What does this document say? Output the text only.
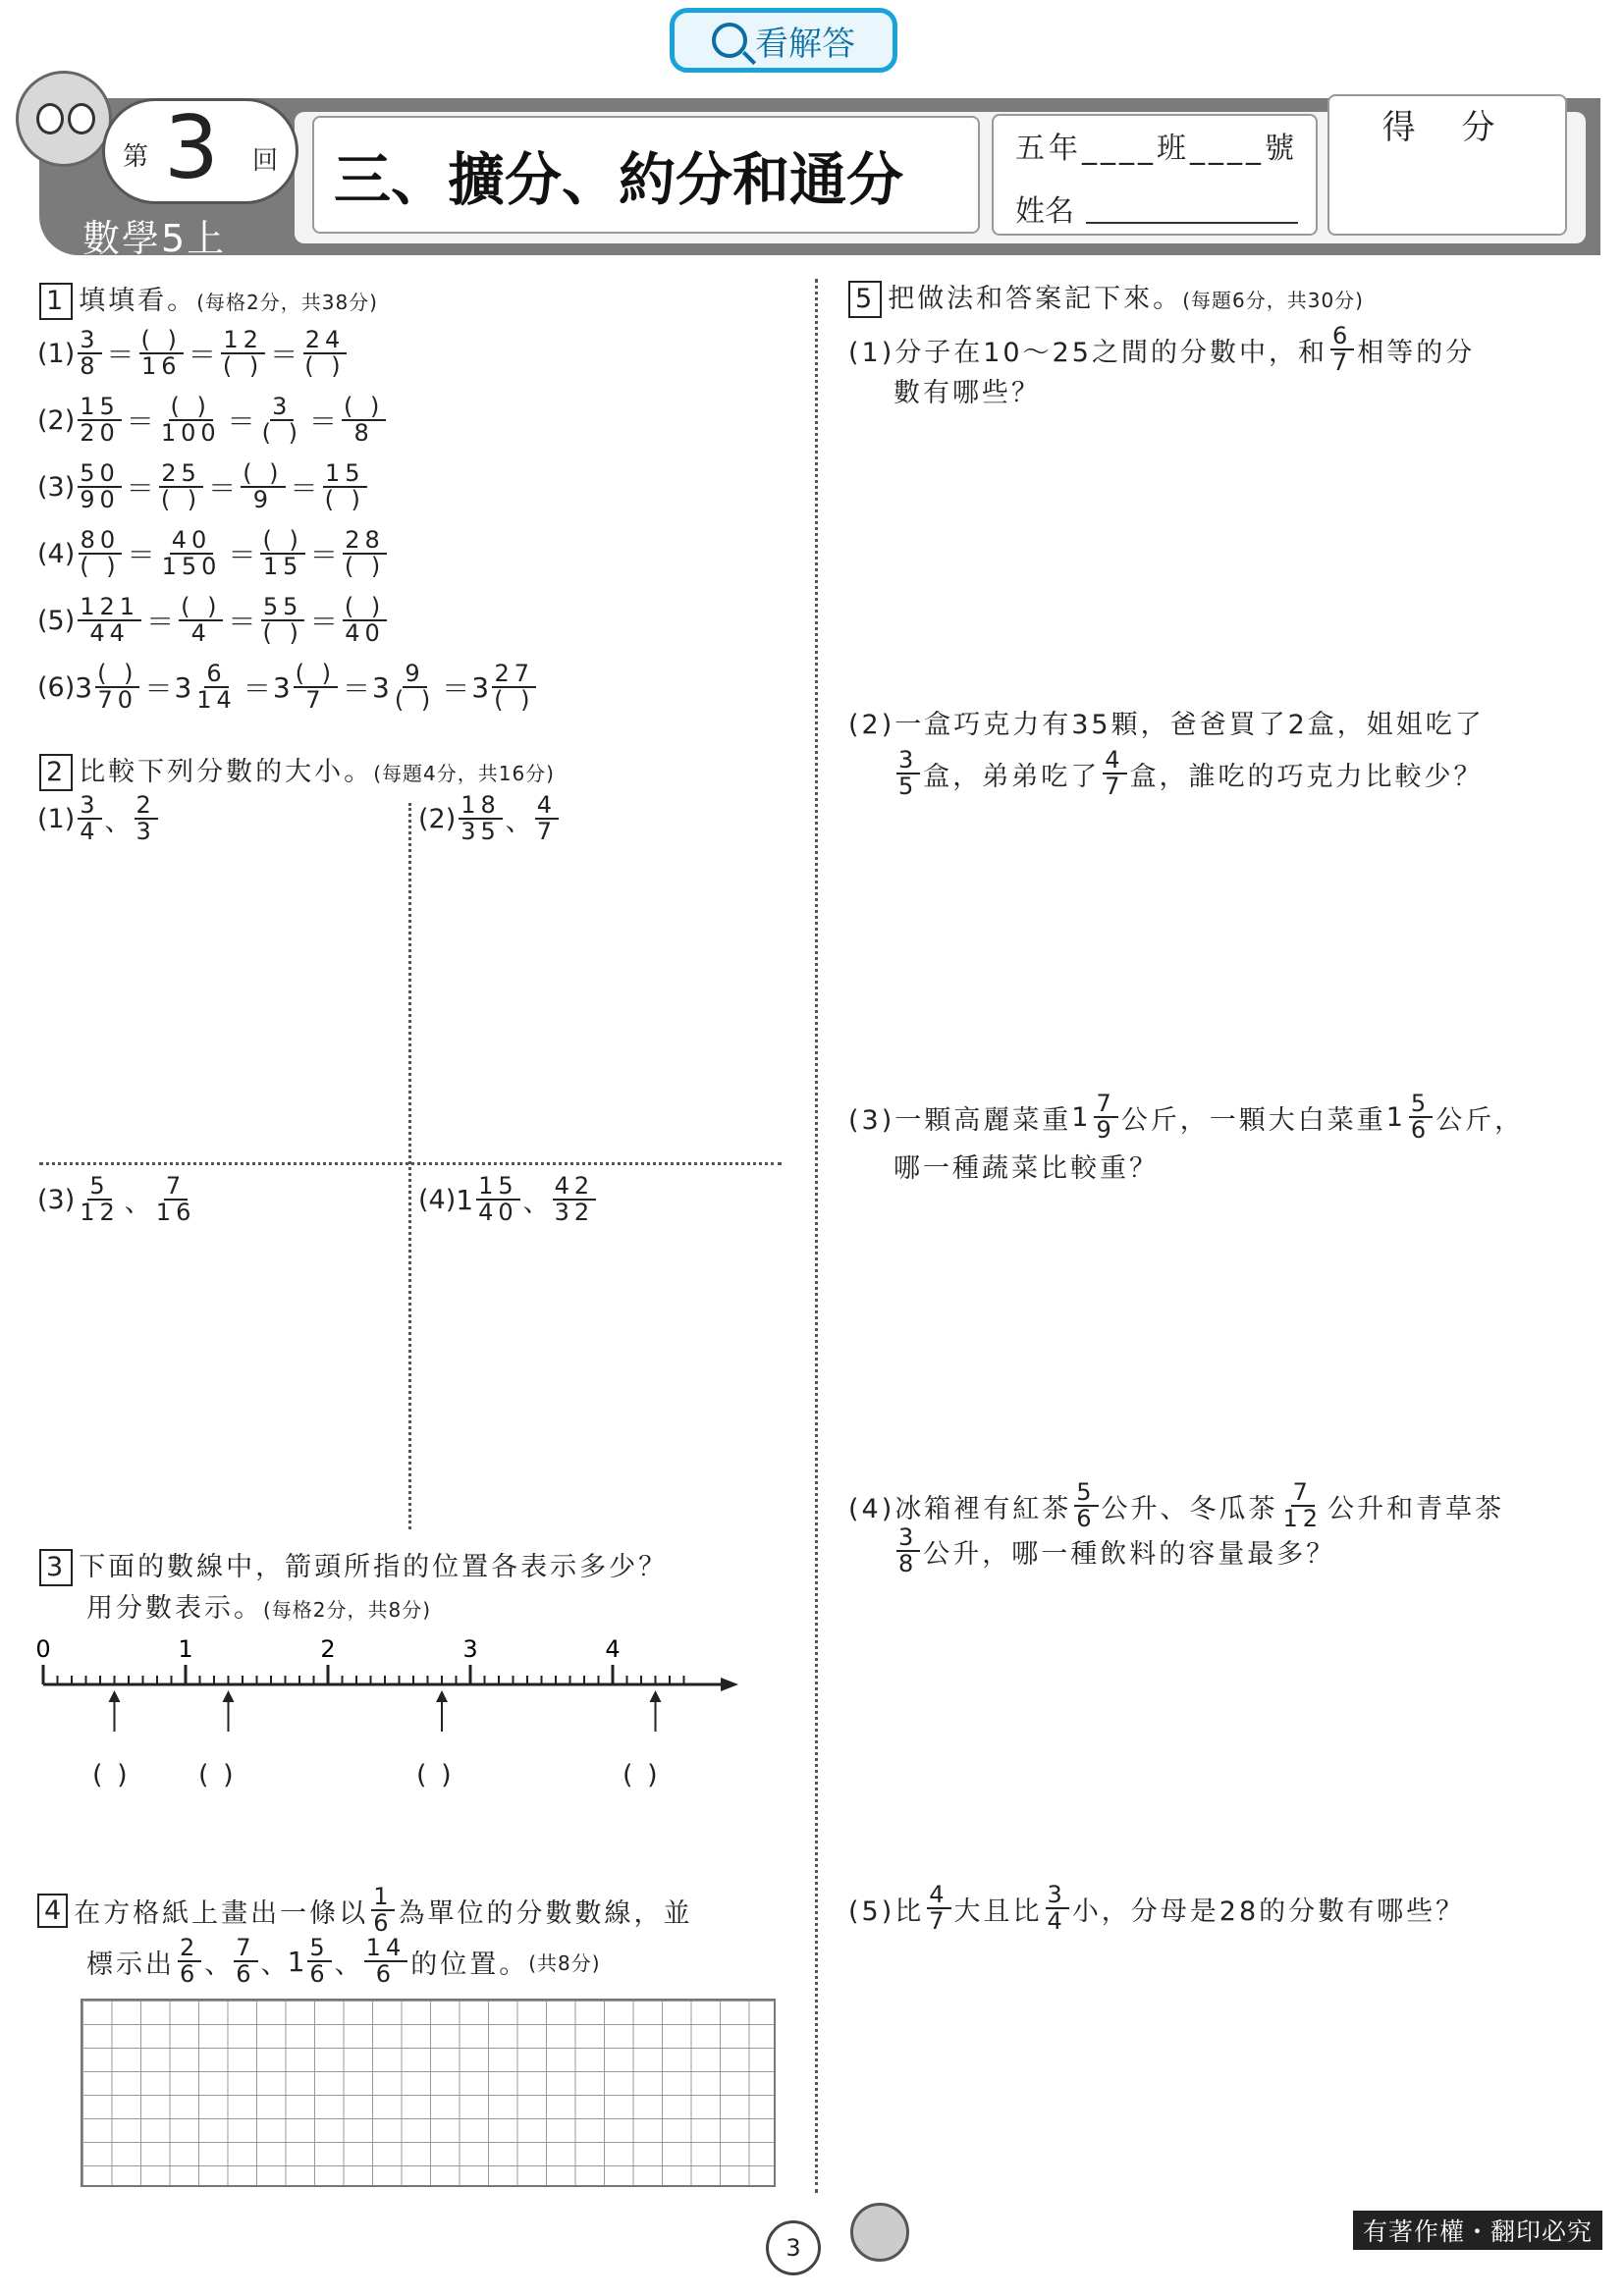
看解答
第 3 回
數學5上
三、擴分、約分和通分	五年____班____號
姓名
得 分
1 填填看。(每格2分，共38分)
$(1) \frac{3}{8} = \frac{( )}{16} = \frac{12}{( )} = \frac{24}{( )}$
$(2) \frac{15}{20} = \frac{( )}{100} = \frac{3}{( )} = \frac{( )}{8}$
$(3) \frac{50}{90} = \frac{25}{( )} = \frac{( )}{9} = \frac{15}{( )}$
$(4) \frac{80}{( )} = \frac{40}{150} = \frac{( )}{15} = \frac{28}{( )}$
$(5) \frac{121}{44} = \frac{( )}{4} = \frac{55}{( )} = \frac{( )}{40}$
(6) $3 \frac{( )}{70} = 3 \frac{6}{14} = 3 \frac{( )}{7} = 3 \frac{9}{( )} = 3 \frac{27}{( )}$
2 比較下列分數的大小。(每題4分，共16分)
$(1) \frac{3}{4}$ 、 $\frac{2}{3}$	$(2) \frac{18}{35}$ 、 $\frac{4}{7}$
$(3) \frac{5}{12}$ 、 $\frac{7}{16}$	(4) $1 \frac{15}{40}$ 、 $\frac{42}{32}$
3 下面的數線中，箭頭所指的位置各表示多少？
用分數表示。(每格2分，共8分)
0	1	2	3	4
( )	( )	( )	( )
4 在方格紙上畫出一條以 $\frac{1}{6}$ 為單位的分數數線，並
標示出 $\frac{2}{6}$ 、 $\frac{7}{6}$ 、 $1 \frac{5}{6}$ 、 $\frac{14}{6}$ 的位置。 (共8分)
5 把做法和答案記下來。(每題6分，共30分)
(1)分子在10～25之間的分數中，和 $\frac{6}{7}$ 相等的分
數有哪些？
(2)一盒巧克力有35顆，爸爸買了2盒，姐姐吃了
$\frac{3}{5}$ 盒，弟弟吃了 $\frac{4}{7}$ 盒，誰吃的巧克力比較少？
(3)一顆高麗菜重 $1 \frac{7}{9}$ 公斤，一顆大白菜重 $1 \frac{5}{6}$ 公斤，
哪一種蔬菜比較重？
(4)冰箱裡有紅茶 $\frac{5}{6}$ 公升、冬瓜茶 $\frac{7}{12}$ 公升和青草茶
$\frac{3}{8}$ 公升，哪一種飲料的容量最多？
(5)比 $\frac{4}{7}$ 大且比 $\frac{3}{4}$ 小，分母是28的分數有哪些？
3
有著作權・翻印必究
